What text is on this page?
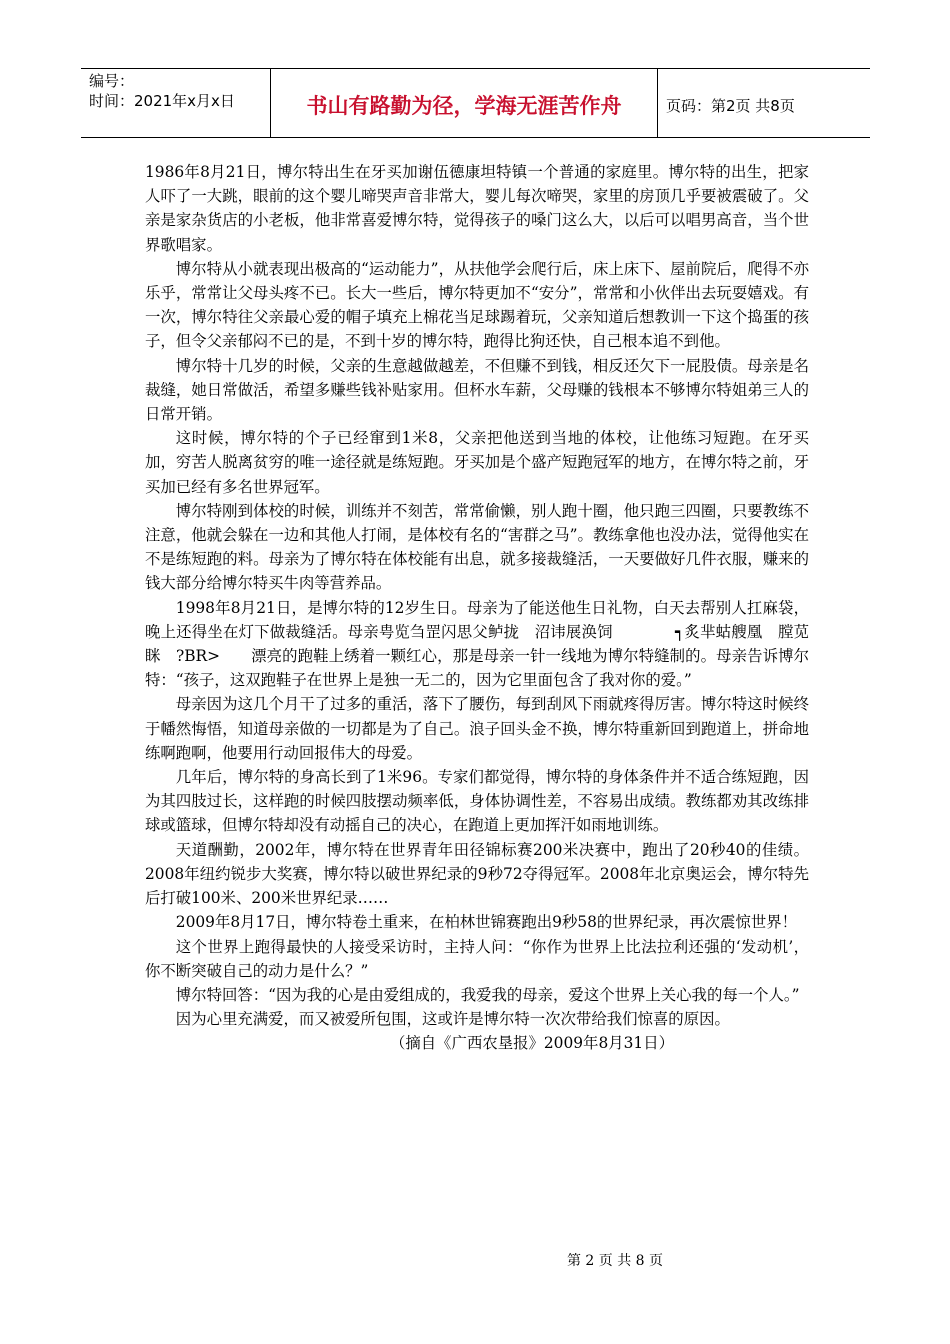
编号：
时间：2021年x月x日	书山有路勤为径，学海无涯苦作舟	页码：第2页 共8页

1986年8月21日，博尔特出生在牙买加谢伍德康坦特镇一个普通的家庭里。博尔特的出生，把家人吓了一大跳，眼前的这个婴儿啼哭声音非常大，婴儿每次啼哭，家里的房顶几乎要被震破了。父亲是家杂货店的小老板，他非常喜爱博尔特，觉得孩子的嗓门这么大，以后可以唱男高音，当个世界歌唱家。

博尔特从小就表现出极高的“运动能力”，从扶他学会爬行后，床上床下、屋前院后，爬得不亦乐乎，常常让父母头疼不已。长大一些后，博尔特更加不“安分”，常常和小伙伴出去玩耍嬉戏。有一次，博尔特往父亲最心爱的帽子填充上棉花当足球踢着玩，父亲知道后想教训一下这个捣蛋的孩子，但令父亲郁闷不已的是，不到十岁的博尔特，跑得比狗还快，自己根本追不到他。

博尔特十几岁的时候，父亲的生意越做越差，不但赚不到钱，相反还欠下一屁股债。母亲是名裁缝，她日常做活，希望多赚些钱补贴家用。但杯水车薪，父母赚的钱根本不够博尔特姐弟三人的日常开销。

这时候，博尔特的个子已经窜到1米8，父亲把他送到当地的体校，让他练习短跑。在牙买加，穷苦人脱离贫穷的唯一途径就是练短跑。牙买加是个盛产短跑冠军的地方，在博尔特之前，牙买加已经有多名世界冠军。

博尔特刚到体校的时候，训练并不刻苦，常常偷懒，别人跑十圈，他只跑三四圈，只要教练不注意，他就会躲在一边和其他人打闹，是体校有名的“害群之马”。教练拿他也没办法，觉得他实在不是练短跑的料。母亲为了博尔特在体校能有出息，就多接裁缝活，一天要做好几件衣服，赚来的钱大部分给博尔特买牛肉等营养品。

1998年8月21日，是博尔特的12岁生日。母亲为了能送他生日礼物，白天去帮别人扛麻袋，晚上还得坐在灯下做裁缝活。母亲甹览刍罡闪思父鲈拢　沼讳展涣饲　　　　┑炙芈蛄艘凰　膛苋眯　?BR>　　漂亮的跑鞋上绣着一颗红心，那是母亲一针一线地为博尔特缝制的。母亲告诉博尔特：“孩子，这双跑鞋子在世界上是独一无二的，因为它里面包含了我对你的爱。”

母亲因为这几个月干了过多的重活，落下了腰伤，每到刮风下雨就疼得厉害。博尔特这时候终于幡然悔悟，知道母亲做的一切都是为了自己。浪子回头金不换，博尔特重新回到跑道上，拼命地练啊跑啊，他要用行动回报伟大的母爱。

几年后，博尔特的身高长到了1米96。专家们都觉得，博尔特的身体条件并不适合练短跑，因为其四肢过长，这样跑的时候四肢摆动频率低，身体协调性差，不容易出成绩。教练都劝其改练排球或篮球，但博尔特却没有动摇自己的决心，在跑道上更加挥汗如雨地训练。

天道酬勤，2002年，博尔特在世界青年田径锦标赛200米决赛中，跑出了20秒40的佳绩。2008年纽约锐步大奖赛，博尔特以破世界纪录的9秒72夺得冠军。2008年北京奥运会，博尔特先后打破100米、200米世界纪录……

2009年8月17日，博尔特卷土重来，在柏林世锦赛跑出9秒58的世界纪录，再次震惊世界！

这个世界上跑得最快的人接受采访时，主持人问：“你作为世界上比法拉利还强的‘发动机’，你不断突破自己的动力是什么？”

博尔特回答：“因为我的心是由爱组成的，我爱我的母亲，爱这个世界上关心我的每一个人。”

因为心里充满爱，而又被爱所包围，这或许是博尔特一次次带给我们惊喜的原因。

（摘自《广西农垦报》2009年8月31日）

第 2 页 共 8 页
